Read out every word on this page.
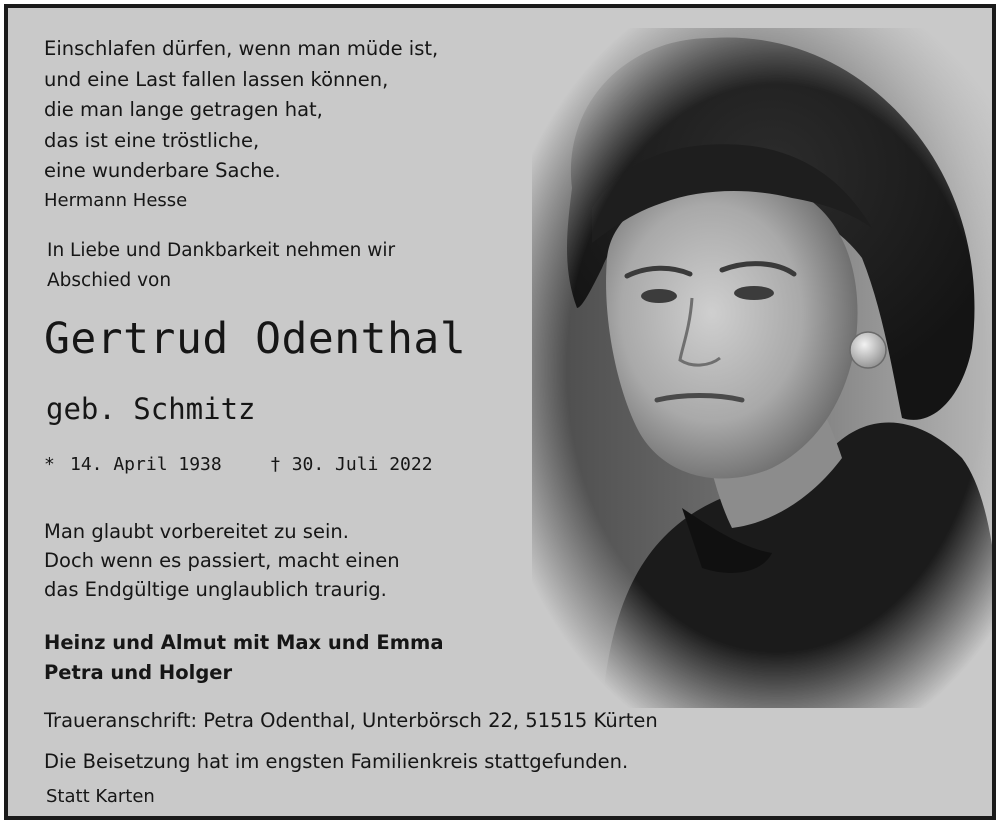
Einschlafen dürfen, wenn man müde ist,
und eine Last fallen lassen können,
die man lange getragen hat,
das ist eine tröstliche,
eine wunderbare Sache.
Hermann Hesse
In Liebe und Dankbarkeit nehmen wir
Abschied von
Gertrud Odenthal
geb. Schmitz
* 14. April 1938	† 30. Juli 2022
Man glaubt vorbereitet zu sein.
Doch wenn es passiert, macht einen
das Endgültige unglaublich traurig.
Heinz und Almut mit Max und Emma
Petra und Holger
Traueranschrift: Petra Odenthal, Unterbörsch 22, 51515 Kürten
Die Beisetzung hat im engsten Familienkreis stattgefunden.
Statt Karten
